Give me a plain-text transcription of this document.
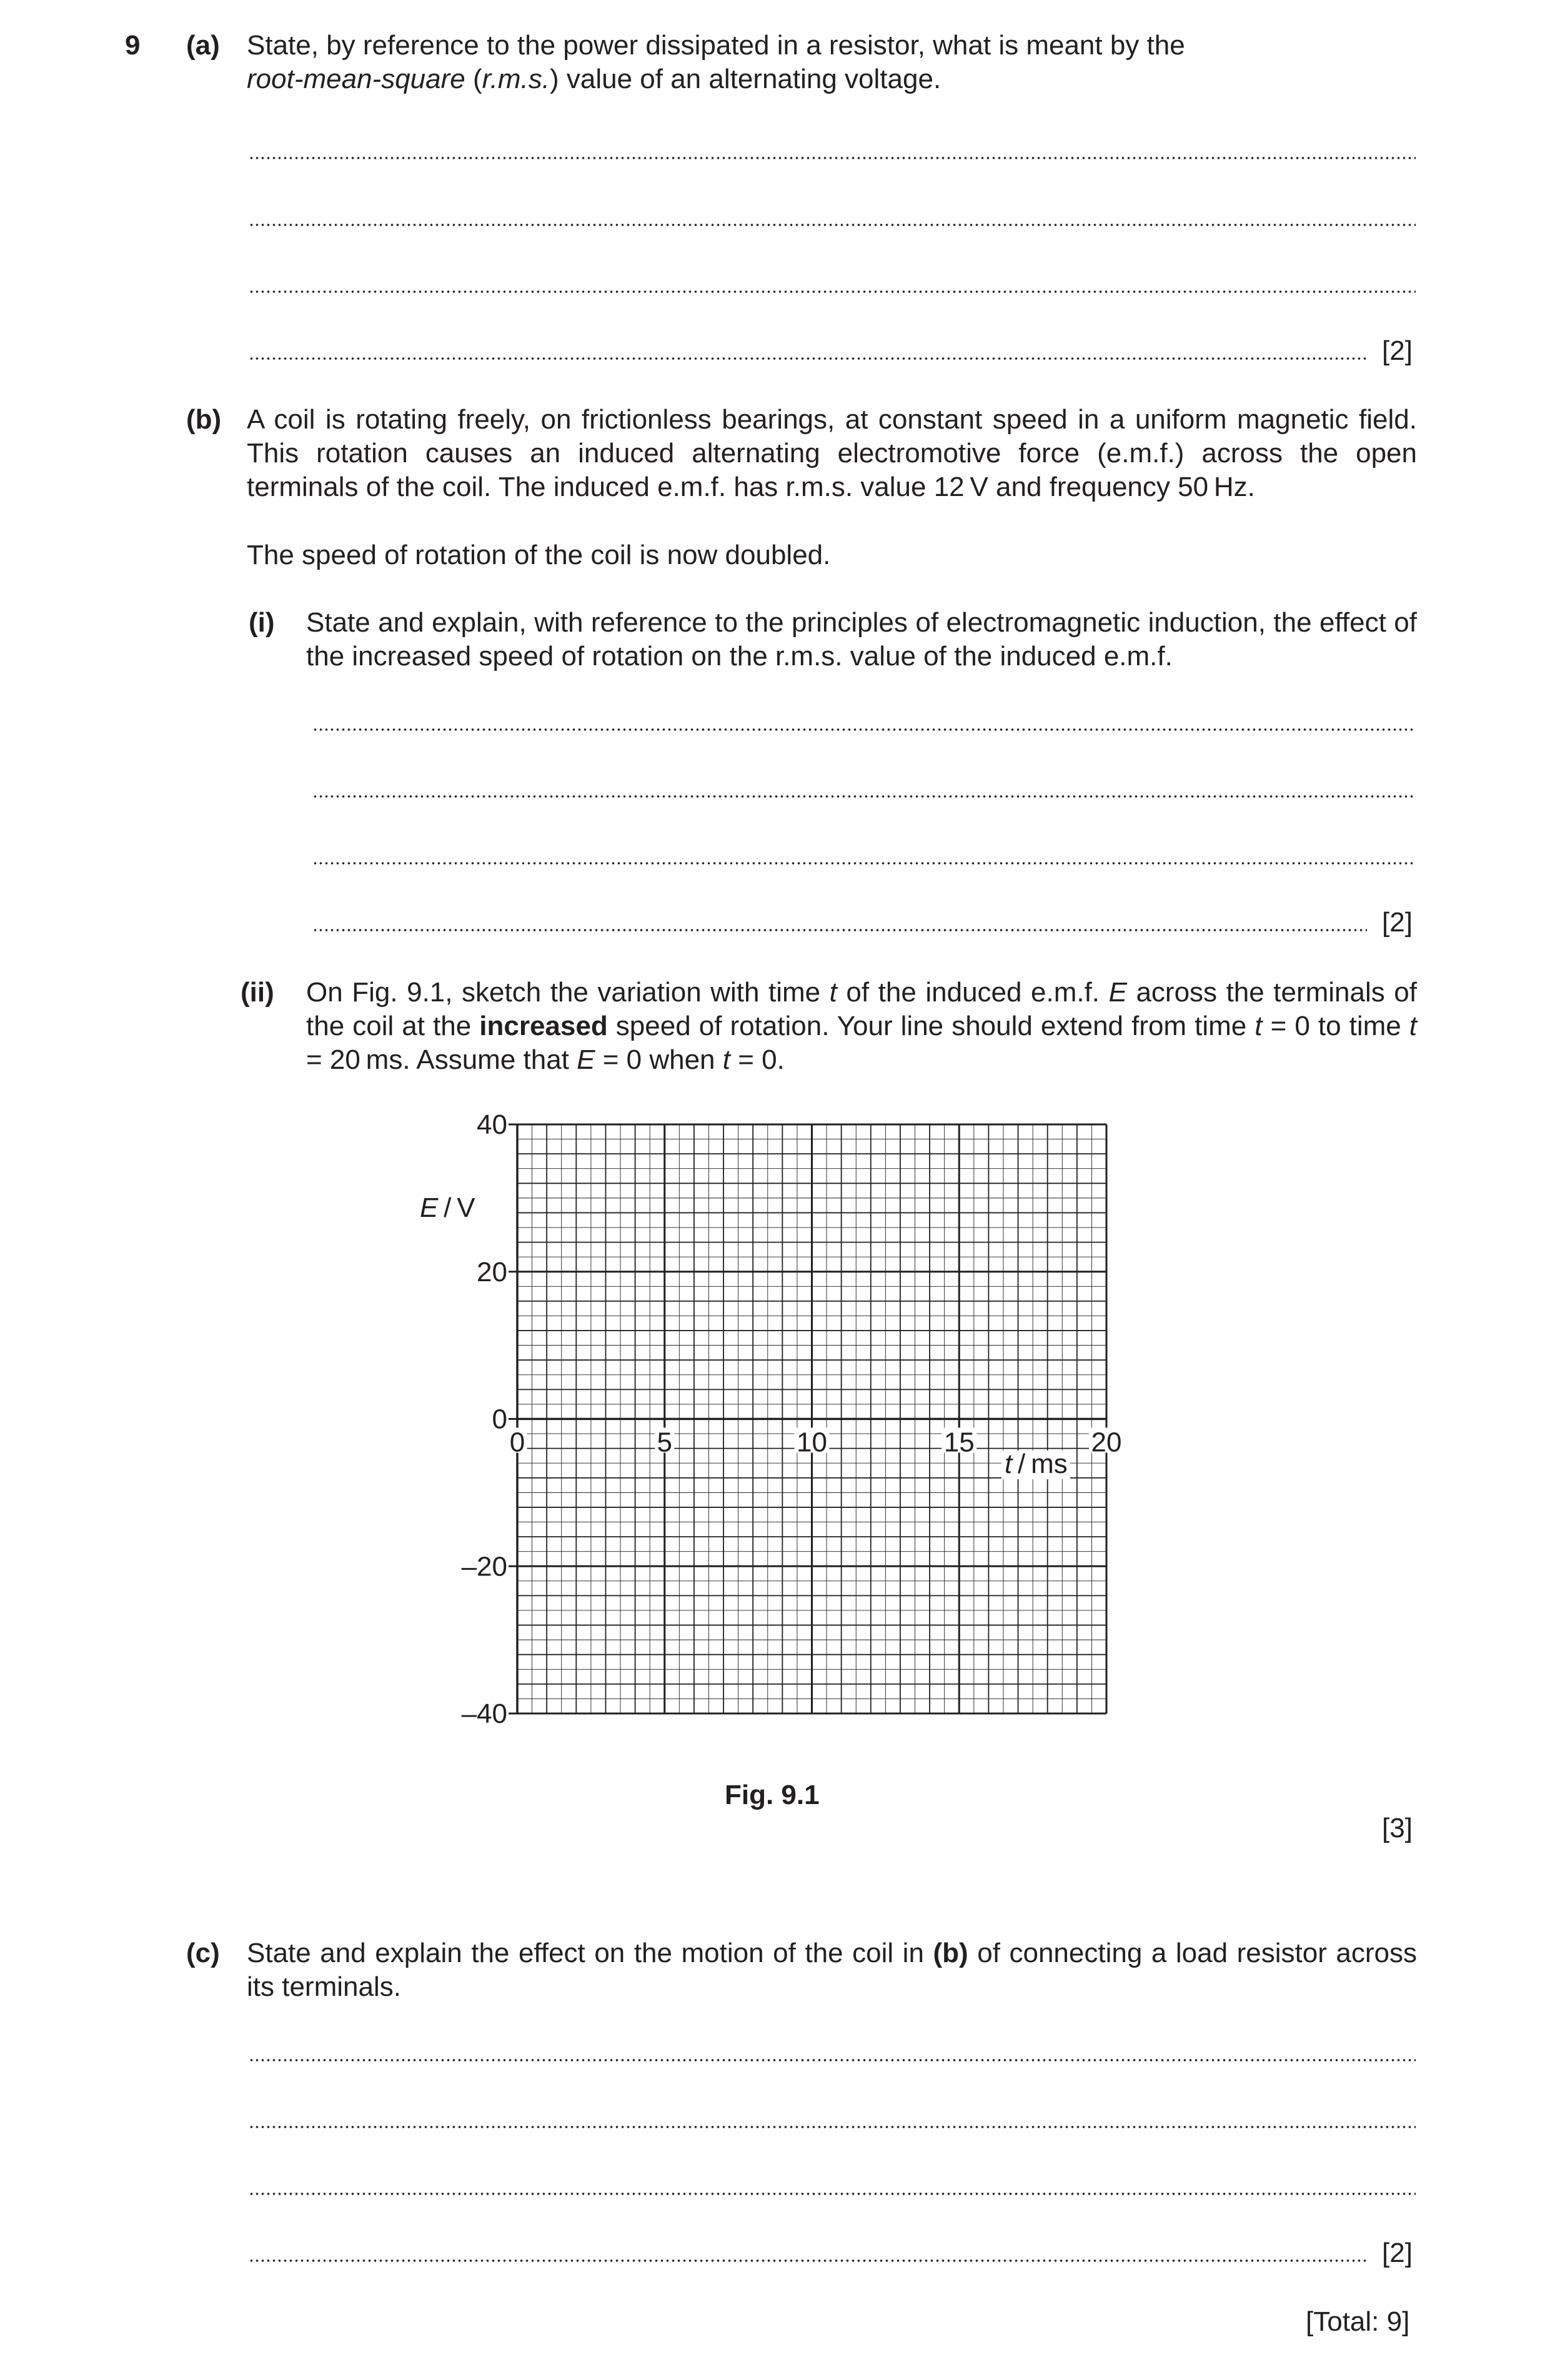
9 (a) State, by reference to the power dissipated in a resistor, what is meant by the
root-mean-square (r.m.s.) value of an alternating voltage.
[2]
(b) A coil is rotating freely, on frictionless bearings, at constant speed in a uniform magnetic field. This rotation causes an induced alternating electromotive force (e.m.f.) across the open terminals of the coil. The induced e.m.f. has r.m.s. value 12 V and frequency 50 Hz.
The speed of rotation of the coil is now doubled.
(i) State and explain, with reference to the principles of electromagnetic induction, the effect of the increased speed of rotation on the r.m.s. value of the induced e.m.f.
[2]
(ii) On Fig. 9.1, sketch the variation with time t of the induced e.m.f. E across the terminals of the coil at the increased speed of rotation. Your line should extend from time t = 0 to time t = 20 ms. Assume that E = 0 when t = 0.
40
20
0
–20
–40
0	5	10	15	20
E / V
t / ms
Fig. 9.1
[3]
(c) State and explain the effect on the motion of the coil in (b) of connecting a load resistor across its terminals.
[2]
[Total: 9]
